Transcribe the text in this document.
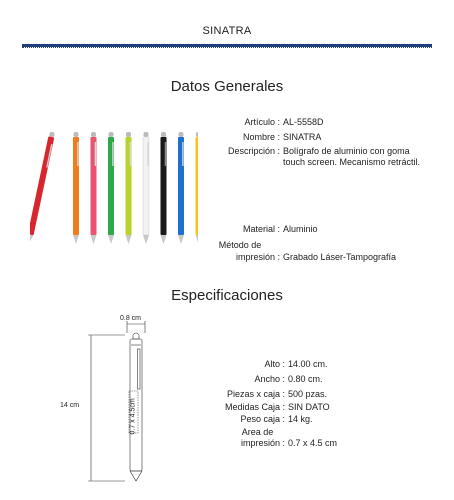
SINATRA
Datos Generales
Artículo : AL-5558D
Nombre : SINATRA
Descripción : Bolígrafo de aluminio con goma
touch screen. Mecanismo retráctil.
Material : Aluminio
Método de
impresión : Grabado Láser-Tampografía
Especificaciones
0.8 cm
14 cm	0.7 x 4.5cm
Alto : 14.00 cm.
Ancho : 0.80 cm.
Piezas x caja : 500 pzas.
Medidas Caja : SIN DATO
Peso caja : 14 kg.
Area de
impresión : 0.7 x 4.5 cm
